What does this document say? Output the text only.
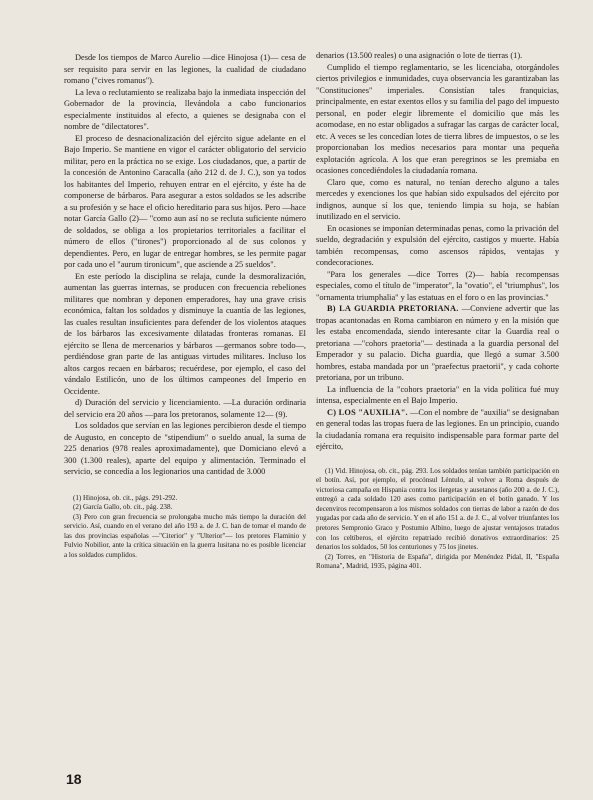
Desde los tiempos de Marco Aurelio —dice Hinojosa (1)— cesa de ser requisito para servir en las legiones, la cualidad de ciudadano romano ("cives romanus").

La leva o reclutamiento se realizaba bajo la inmediata inspección del Gobernador de la provincia, llevándola a cabo funcionarios especialmente instituidos al efecto, a quienes se designaba con el nombre de "dilectatores".

El proceso de desnacionalización del ejército sigue adelante en el Bajo Imperio. Se mantiene en vigor el carácter obligatorio del servicio militar, pero en la práctica no se exige. Los ciudadanos, que, a partir de la concesión de Antonino Caracalla (año 212 d. de J. C.), son ya todos los habitantes del Imperio, rehuyen entrar en el ejército, y éste ha de componerse de bárbaros. Para asegurar a estos soldados se les adscribe a su profesión y se hace el oficio hereditario para sus hijos. Pero —hace notar García Gallo (2)— "como aun así no se recluta suficiente número de soldados, se obliga a los propietarios territoriales a facilitar el número de ellos ("tirones") proporcionado al de sus colonos y dependientes. Pero, en lugar de entregar hombres, se les permite pagar por cada uno el "aurum tironicum", que asciende a 25 sueldos".

En este período la disciplina se relaja, cunde la desmoralización, aumentan las guerras internas, se producen con frecuencia rebeliones militares que nombran y deponen emperadores, hay una grave crisis económica, faltan los soldados y disminuye la cuantía de las legiones, las cuales resultan insuficientes para defender de los violentos ataques de los bárbaros las excesivamente dilatadas fronteras romanas. El ejército se llena de mercenarios y bárbaros —germanos sobre todo—, perdiéndose gran parte de las antiguas virtudes militares. Incluso los altos cargos recaen en bárbaros; recuérdese, por ejemplo, el caso del vándalo Estilicón, uno de los últimos campeones del Imperio en Occidente.

d) Duración del servicio y licenciamiento. —La duración ordinaria del servicio era 20 años —para los pretoranos, solamente 12— (9).

Los soldados que servían en las legiones percibieron desde el tiempo de Augusto, en concepto de "stipendium" o sueldo anual, la suma de 225 denarios (978 reales aproximadamente), que Domiciano elevó a 300 (1.300 reales), aparte del equipo y alimentación. Terminado el servicio, se concedía a los legionarios una cantidad de 3.000

(1) Hinojosa, ob. cit., págs. 291-292.

(2) García Gallo, ob. cit., pág. 238.

(3) Pero con gran frecuencia se prolongaba mucho más tiempo la duración del servicio. Así, cuando en el verano del año 193 a. de J. C. han de tomar el mando de las dos provincias españolas —"Citerior" y "Ulterior"— los pretores Flaminio y Fulvio Nobilior, ante la crítica situación en la guerra lusitana no es posible licenciar a los soldados cumplidos.

denarios (13.500 reales) o una asignación o lote de tierras (1).

Cumplido el tiempo reglamentario, se les licenciaba, otorgándoles ciertos privilegios e inmunidades, cuya observancia les garantizaban las "Constituciones" imperiales. Consistían tales franquicias, principalmente, en estar exentos ellos y su familia del pago del impuesto personal, en poder elegir libremente el domicilio que más les acomodase, en no estar obligados a sufragar las cargas de carácter local, etc. A veces se les concedían lotes de tierra libres de impuestos, o se les proporcionaban los medios necesarios para montar una pequeña explotación agrícola. A los que eran peregrinos se les premiaba en ocasiones concediéndoles la ciudadanía romana.

Claro que, como es natural, no tenían derecho alguno a tales mercedes y exenciones los que habían sido expulsados del ejército por indignos, aunque sí los que, teniendo limpia su hoja, se habían inutilizado en el servicio.

En ocasiones se imponían determinadas penas, como la privación del sueldo, degradación y expulsión del ejército, castigos y muerte. Había también recompensas, como ascensos rápidos, ventajas y condecoraciones.

"Para los generales —dice Torres (2)— había recompensas especiales, como el título de "imperator", la "ovatio", el "triumphus", los "ornamenta triumphalia" y las estatuas en el foro o en las provincias."

B) LA GUARDIA PRETORIANA. —Conviene advertir que las tropas acantonadas en Roma cambiaron en número y en la misión que les estaba encomendada, siendo interesante citar la Guardia real o pretoriana —"cohors praetoria"— destinada a la guardia personal del Emperador y su palacio. Dicha guardia, que llegó a sumar 3.500 hombres, estaba mandada por un "praefectus praetorii", y cada cohorte pretoriana, por un tribuno.

La influencia de la "cohors praetoria" en la vida política fué muy intensa, especialmente en el Bajo Imperio.

C) LOS "AUXILIA". —Con el nombre de "auxilia" se designaban en general todas las tropas fuera de las legiones. En un principio, cuando la ciudadanía romana era requisito indispensable para formar parte del ejército,

(1) Vid. Hinojosa, ob. cit., pág. 293. Los soldados tenían también participación en el botín. Así, por ejemplo, el procónsul Léntulo, al volver a Roma después de victoriosa campaña en Hispania contra los ilergetas y ausetanos (año 200 a. de J. C.), entregó a cada soldado 120 ases como participación en el botín ganado. Y los decenviros recompensaron a los mismos soldados con tierras de labor a razón de dos yugadas por cada año de servicio. Y en el año 151 a. de J. C., al volver triunfantes los pretores Sempronio Graco y Postumio Albino, luego de ajustar ventajosos tratados con los celtíberos, el ejército repatriado recibió donativos extraordinarios: 25 denarios los soldados, 50 los centuriones y 75 los jinetes.

(2) Torres, en "Historia de España", dirigida por Menéndez Pidal, II, "España Romana", Madrid, 1935, página 401.

18
